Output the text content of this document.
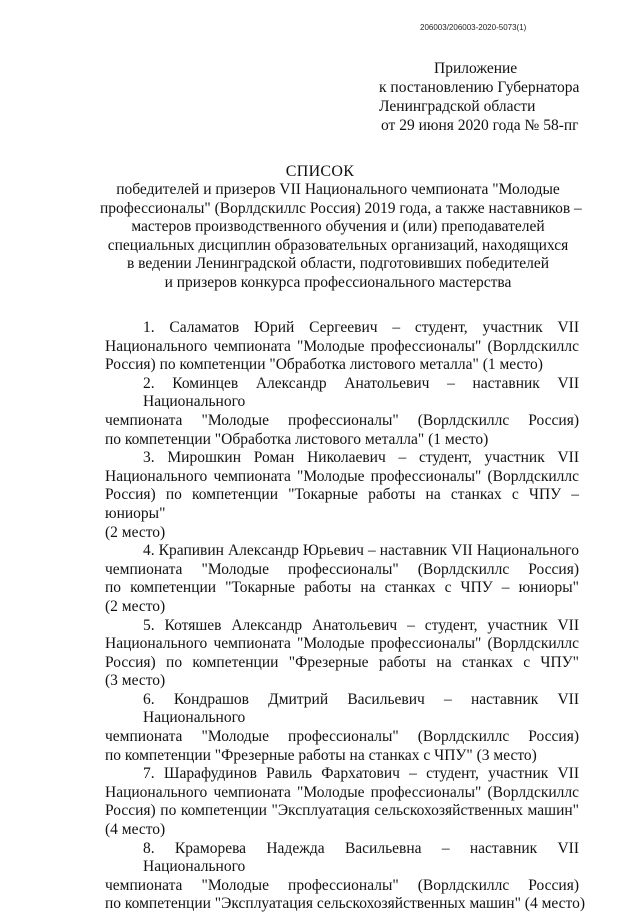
206003/206003-2020-5073(1)
Приложение
к постановлению Губернатора
Ленинградской области
от 29 июня 2020 года № 58-пг
СПИСОК
победителей и призеров VII Национального чемпионата "Молодые
профессионалы" (Ворлдскиллс Россия) 2019 года, а также наставников –
мастеров производственного обучения и (или) преподавателей
специальных дисциплин образовательных организаций, находящихся
в ведении Ленинградской области, подготовивших победителей
и призеров конкурса профессионального мастерства
1. Саламатов Юрий Сергеевич – студент, участник VII
Национального чемпионата "Молодые профессионалы" (Ворлдскиллс
Россия) по компетенции "Обработка листового металла" (1 место)
2. Коминцев Александр Анатольевич – наставник VII Национального
чемпионата "Молодые профессионалы" (Ворлдскиллс Россия)
по компетенции "Обработка листового металла" (1 место)
3. Мирошкин Роман Николаевич – студент, участник VII
Национального чемпионата "Молодые профессионалы" (Ворлдскиллс
Россия) по компетенции "Токарные работы на станках с ЧПУ – юниоры"
(2 место)
4. Крапивин Александр Юрьевич – наставник VII Национального
чемпионата "Молодые профессионалы" (Ворлдскиллс Россия)
по компетенции "Токарные работы на станках с ЧПУ – юниоры"
(2 место)
5. Котяшев Александр Анатольевич – студент, участник VII
Национального чемпионата "Молодые профессионалы" (Ворлдскиллс
Россия) по компетенции "Фрезерные работы на станках с ЧПУ"
(3 место)
6. Кондрашов Дмитрий Васильевич – наставник VII Национального
чемпионата "Молодые профессионалы" (Ворлдскиллс Россия)
по компетенции "Фрезерные работы на станках с ЧПУ" (3 место)
7. Шарафудинов Равиль Фархатович – студент, участник VII
Национального чемпионата "Молодые профессионалы" (Ворлдскиллс
Россия) по компетенции "Эксплуатация сельскохозяйственных машин"
(4 место)
8. Краморева Надежда Васильевна – наставник VII Национального
чемпионата "Молодые профессионалы" (Ворлдскиллс Россия)
по компетенции "Эксплуатация сельскохозяйственных машин" (4 место)
